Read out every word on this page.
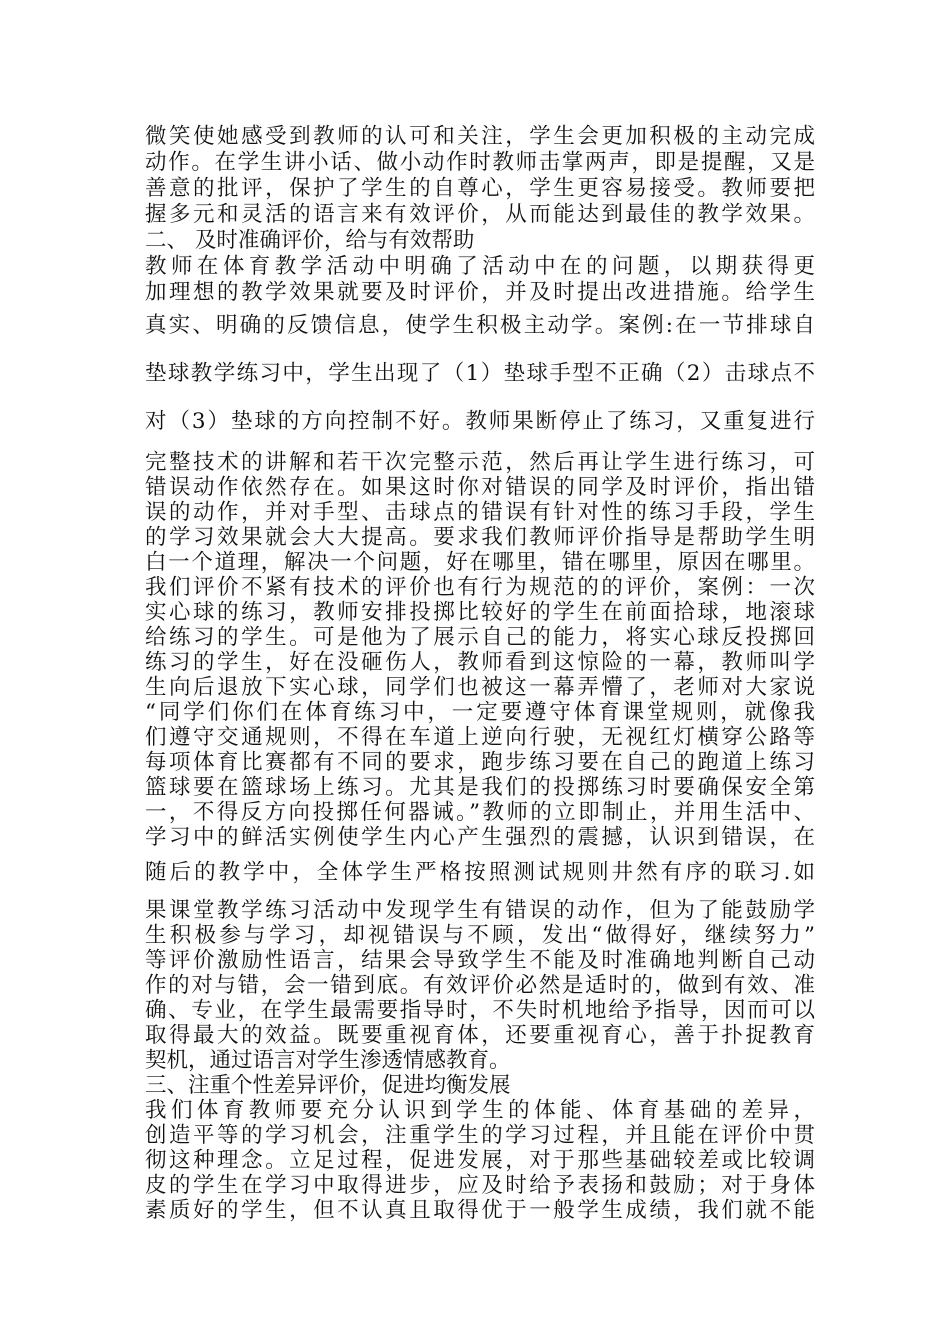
微笑使她感受到教师的认可和关注，学生会更加积极的主动完成
动作。在学生讲小话、做小动作时教师击掌两声，即是提醒，又是
善意的批评，保护了学生的自尊心，学生更容易接受。教师要把
握多元和灵活的语言来有效评价，从而能达到最佳的教学效果。
二、 及时准确评价，给与有效帮助
教师在体育教学活动中明确了活动中在的问题，以期获得更
加理想的教学效果就要及时评价，并及时提出改进措施。给学生
真实、明确的反馈信息，使学生积极主动学。案例:在一节排球自
垫球教学练习中，学生出现了（1）垫球手型不正确（2）击球点不
对（3）垫球的方向控制不好。教师果断停止了练习，又重复进行
完整技术的讲解和若干次完整示范，然后再让学生进行练习，可
错误动作依然存在。如果这时你对错误的同学及时评价，指出错
误的动作，并对手型、击球点的错误有针对性的练习手段，学生
的学习效果就会大大提高。要求我们教师评价指导是帮助学生明
白一个道理，解决一个问题，好在哪里，错在哪里，原因在哪里。
我们评价不紧有技术的评价也有行为规范的的评价，案例：一次
实心球的练习，教师安排投掷比较好的学生在前面拾球，地滚球
给练习的学生。可是他为了展示自己的能力，将实心球反投掷回
练习的学生，好在没砸伤人，教师看到这惊险的一幕，教师叫学
生向后退放下实心球，同学们也被这一幕弄懵了，老师对大家说
“同学们你们在体育练习中，一定要遵守体育课堂规则，就像我
们遵守交通规则，不得在车道上逆向行驶，无视红灯横穿公路等
每项体育比赛都有不同的要求，跑步练习要在自己的跑道上练习
篮球要在篮球场上练习。尤其是我们的投掷练习时要确保安全第
一，不得反方向投掷任何器诫。”教师的立即制止，并用生活中、
学习中的鲜活实例使学生内心产生强烈的震撼，认识到错误，在
随后的教学中，全体学生严格按照测试规则井然有序的联习.如
果课堂教学练习活动中发现学生有错误的动作，但为了能鼓励学
生积极参与学习，却视错误与不顾，发出“做得好，继续努力”
等评价激励性语言，结果会导致学生不能及时准确地判断自己动
作的对与错，会一错到底。有效评价必然是适时的，做到有效、准
确、专业，在学生最需要指导时，不失时机地给予指导，因而可以
取得最大的效益。既要重视育体，还要重视育心，善于扑捉教育
契机，通过语言对学生渗透情感教育。
三、注重个性差异评价，促进均衡发展
我们体育教师要充分认识到学生的体能、体育基础的差异，
创造平等的学习机会，注重学生的学习过程，并且能在评价中贯
彻这种理念。立足过程，促进发展，对于那些基础较差或比较调
皮的学生在学习中取得进步，应及时给予表扬和鼓励；对于身体
素质好的学生，但不认真且取得优于一般学生成绩，我们就不能
